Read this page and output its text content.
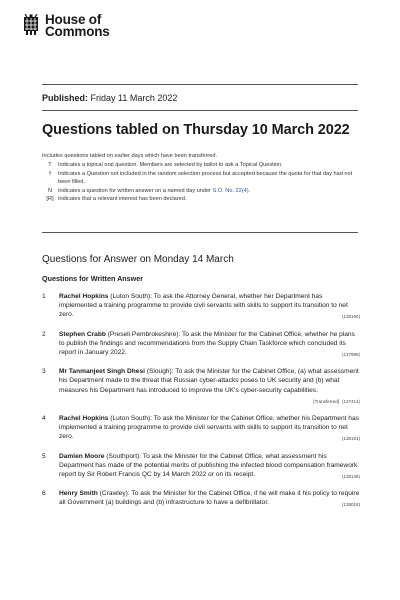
House of
Commons
Published: Friday 11 March 2022
Questions tabled on Thursday 10 March 2022
Includes questions tabled on earlier days which have been transferred.
T	Indicates a topical oral question. Members are selected by ballot to ask a Topical Question.
†	Indicates a Question not included in the random selection process but accepted because the quota for that day had not been filled.
N	Indicates a question for written answer on a named day under S.O. No. 22(4).
[R] Indicates that a relevant interest has been declared.
Questions for Answer on Monday 14 March
Questions for Written Answer
1	Rachel Hopkins (Luton South): To ask the Attorney General, whether her Department has implemented a training programme to provide civil servants with skills to support its transition to net zero.	(138190)
2	Stephen Crabb (Preseli Pembrokeshire): To ask the Minister for the Cabinet Office, whether he plans to publish the findings and recommendations from the Supply Chain Taskforce which concluded its report in January 2022.	(137999)
3	Mr Tanmanjeet Singh Dhesi (Slough): To ask the Minister for the Cabinet Office, (a) what assessment his Department made to the threat that Russian cyber-attacks poses to UK security and (b) what measures his Department has introduced to improve the UK's cyber-security capabilities.
[Transferred] (137414)
4	Rachel Hopkins (Luton South): To ask the Minister for the Cabinet Office, whether his Department has implemented a training programme to provide civil servants with skills to support its transition to net zero.	(138191)
5	Damien Moore (Southport): To ask the Minister for the Cabinet Office, what assessment his Department has made of the potential merits of publishing the infected blood compensation framework report by Sir Robert Francis QC by 14 March 2022 or on its receipt.	(138138)
6	Henry Smith (Crawley): To ask the Minister for the Cabinet Office, if he will make it his policy to require all Government (a) buildings and (b) infrastructure to have a defibrillator.	(138018)
